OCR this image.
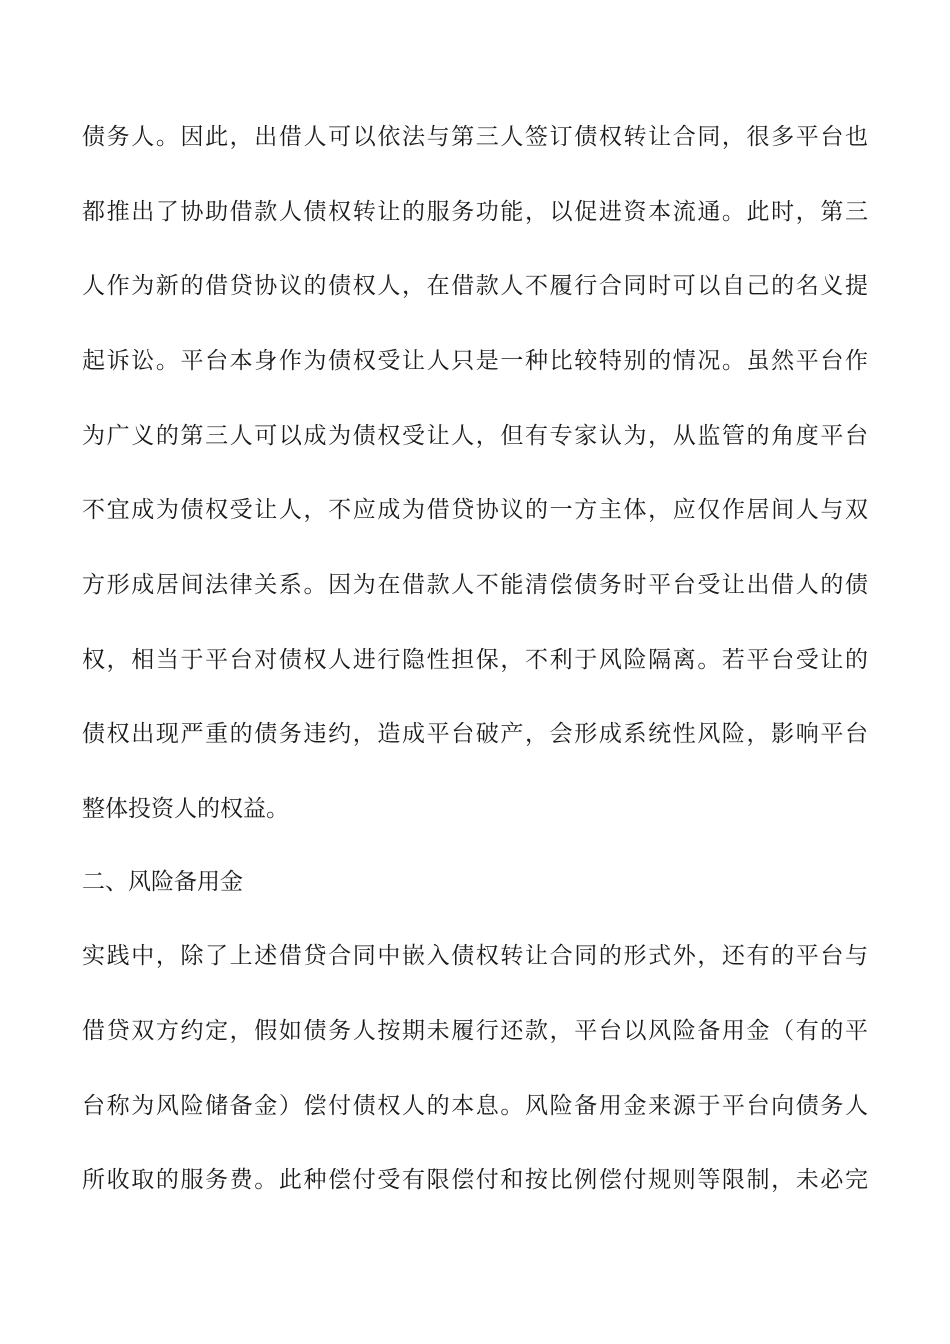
债务人。因此，出借人可以依法与第三人签订债权转让合同，很多平台也
都推出了协助借款人债权转让的服务功能，以促进资本流通。此时，第三
人作为新的借贷协议的债权人，在借款人不履行合同时可以自己的名义提
起诉讼。平台本身作为债权受让人只是一种比较特别的情况。虽然平台作
为广义的第三人可以成为债权受让人，但有专家认为，从监管的角度平台
不宜成为债权受让人，不应成为借贷协议的一方主体，应仅作居间人与双
方形成居间法律关系。因为在借款人不能清偿债务时平台受让出借人的债
权，相当于平台对债权人进行隐性担保，不利于风险隔离。若平台受让的
债权出现严重的债务违约，造成平台破产，会形成系统性风险，影响平台
整体投资人的权益。
二、风险备用金
实践中，除了上述借贷合同中嵌入债权转让合同的形式外，还有的平台与
借贷双方约定，假如债务人按期未履行还款，平台以风险备用金（有的平
台称为风险储备金）偿付债权人的本息。风险备用金来源于平台向债务人
所收取的服务费。此种偿付受有限偿付和按比例偿付规则等限制，未必完
